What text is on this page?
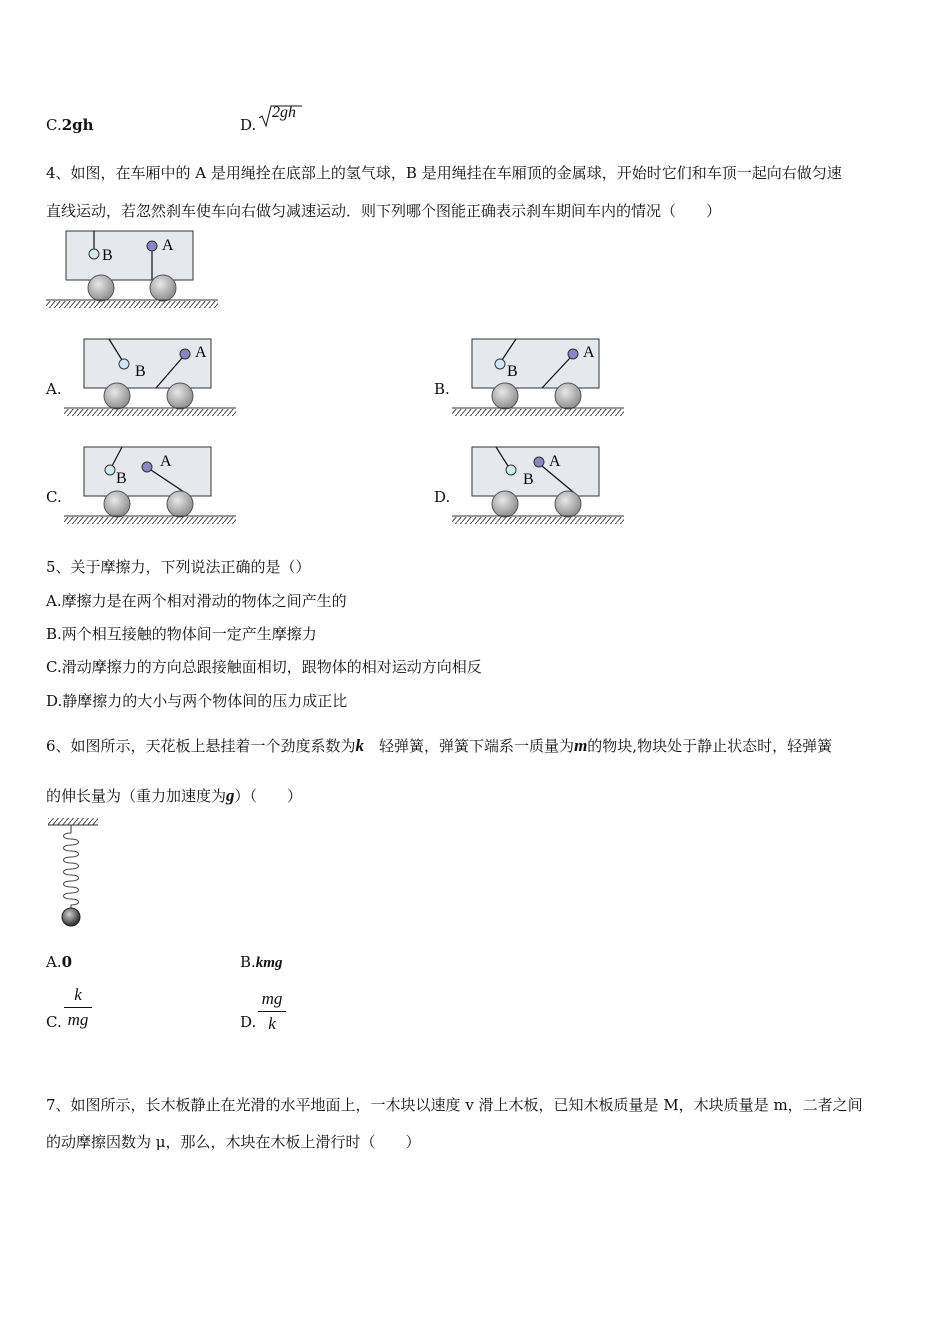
C.2gh	D.
2gh
4、如图，在车厢中的 A 是用绳拴在底部上的氢气球，B 是用绳挂在车厢顶的金属球，开始时它们和车顶一起向右做匀速
直线运动，若忽然刹车使车向右做匀减速运动．则下列哪个图能正确表示刹车期间车内的情况（　　）
B
A
A.	B.
C.	D.
B
A
B
A
B
A
B
A
5、关于摩擦力，下列说法正确的是（）
A.摩擦力是在两个相对滑动的物体之间产生的
B.两个相互接触的物体间一定产生摩擦力
C.滑动摩擦力的方向总跟接触面相切，跟物体的相对运动方向相反
D.静摩擦力的大小与两个物体间的压力成正比
6、如图所示，天花板上悬挂着一个劲度系数为k　轻弹簧，弹簧下端系一质量为m的物块,物块处于静止状态时，轻弹簧
的伸长量为（重力加速度为g）（　　）
A.0	B.kmg
C.
k
mg	D.
mg
k
7、如图所示，长木板静止在光滑的水平地面上，一木块以速度 v 滑上木板，已知木板质量是 M，木块质量是 m，二者之间
的动摩擦因数为 μ，那么，木块在木板上滑行时（　　）
